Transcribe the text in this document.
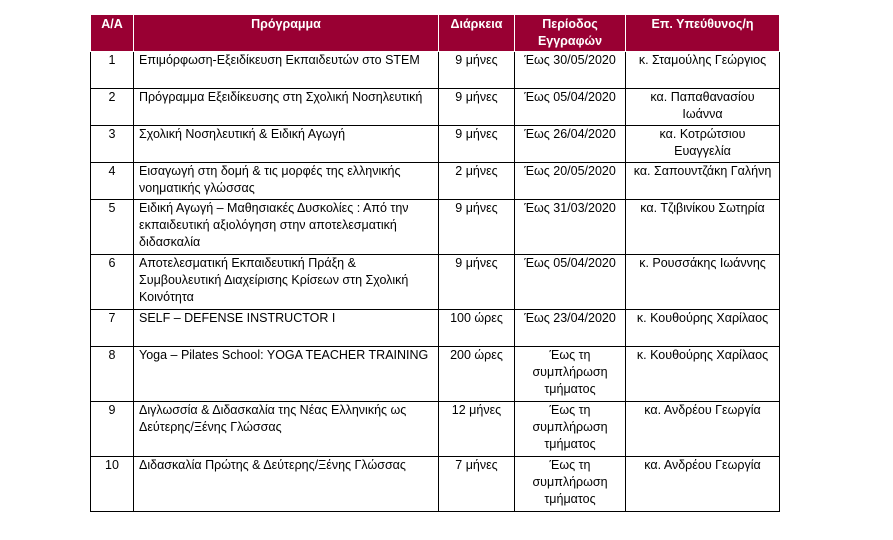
Α/Α	Πρόγραμμα	Διάρκεια	Περίοδος Εγγραφών	Επ. Υπεύθυνος/η
1	Επιμόρφωση-Εξειδίκευση Εκπαιδευτών στο STEM	9 μήνες	Έως 30/05/2020	κ. Σταμούλης Γεώργιος
2	Πρόγραμμα Εξειδίκευσης στη Σχολική Νοσηλευτική	9 μήνες	Έως 05/04/2020	κα. Παπαθανασίου Ιωάννα
3	Σχολική Νοσηλευτική & Ειδική Αγωγή	9 μήνες	Έως 26/04/2020	κα. Κοτρώτσιου Ευαγγελία
4	Εισαγωγή στη δομή & τις μορφές της ελληνικής νοηματικής γλώσσας	2 μήνες	Έως 20/05/2020	κα. Σαπουντζάκη Γαλήνη
5	Ειδική Αγωγή – Μαθησιακές Δυσκολίες : Από την εκπαιδευτική αξιολόγηση στην αποτελεσματική διδασκαλία	9 μήνες	Έως 31/03/2020	κα. Τζιβινίκου Σωτηρία
6	Αποτελεσματική Εκπαιδευτική Πράξη & Συμβουλευτική Διαχείρισης Κρίσεων στη Σχολική Κοινότητα	9 μήνες	Έως 05/04/2020	κ. Ρουσσάκης Ιωάννης
7	SELF – DEFENSE INSTRUCTOR I	100 ώρες	Έως 23/04/2020	κ. Κουθούρης Χαρίλαος
8	Yoga – Pilates School: YOGA TEACHER TRAINING	200 ώρες	Έως τη συμπλήρωση τμήματος	κ. Κουθούρης Χαρίλαος
9	Διγλωσσία & Διδασκαλία της Νέας Ελληνικής ως Δεύτερης/Ξένης Γλώσσας	12 μήνες	Έως τη συμπλήρωση τμήματος	κα. Ανδρέου Γεωργία
10	Διδασκαλία Πρώτης & Δεύτερης/Ξένης Γλώσσας	7 μήνες	Έως τη συμπλήρωση τμήματος	κα. Ανδρέου Γεωργία
